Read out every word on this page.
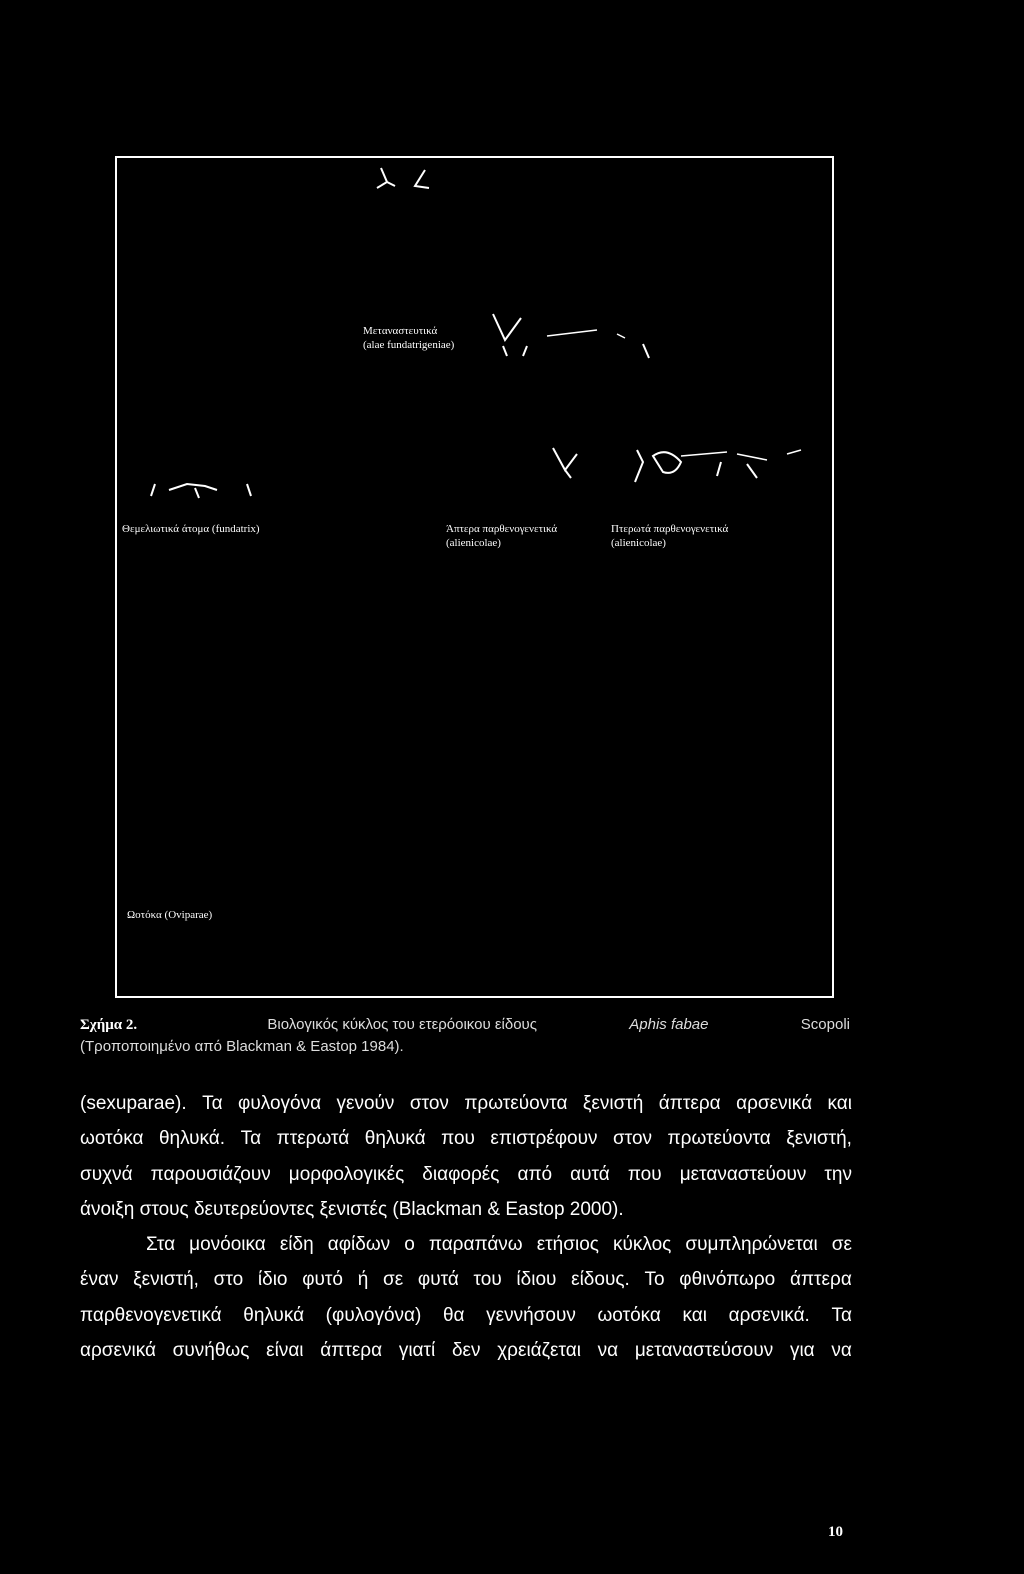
Μεταναστευτικά
(alae fundatrigeniae)
Θεμελιωτικά άτομα (fundatrix)	Άπτερα παρθενογενετικά
(alienicolae)
Πτερωτά παρθενογενετικά
(alienicolae)
Ωοτόκα (Oviparae)
Σχήμα 2.	Βιολογικός κύκλος του ετερόοικου είδους	Aphis fabae	Scopoli
(Τροποποιημένο από Blackman & Eastop 1984).
(sexuparae). Τα φυλογόνα γενούν στον πρωτεύοντα ξενιστή άπτερα αρσενικά και
ωοτόκα θηλυκά. Τα πτερωτά θηλυκά που επιστρέφουν στον πρωτεύοντα ξενιστή,
συχνά παρουσιάζουν μορφολογικές διαφορές από αυτά που μεταναστεύουν την
άνοιξη στους δευτερεύοντες ξενιστές (Blackman & Eastop 2000).
Στα μονόοικα είδη αφίδων ο παραπάνω ετήσιος κύκλος συμπληρώνεται σε
έναν ξενιστή, στο ίδιο φυτό ή σε φυτά του ίδιου είδους. Το φθινόπωρο άπτερα
παρθενογενετικά θηλυκά (φυλογόνα) θα γεννήσουν ωοτόκα και αρσενικά. Τα
αρσενικά συνήθως είναι άπτερα γιατί δεν χρειάζεται να μεταναστεύσουν για να
10
